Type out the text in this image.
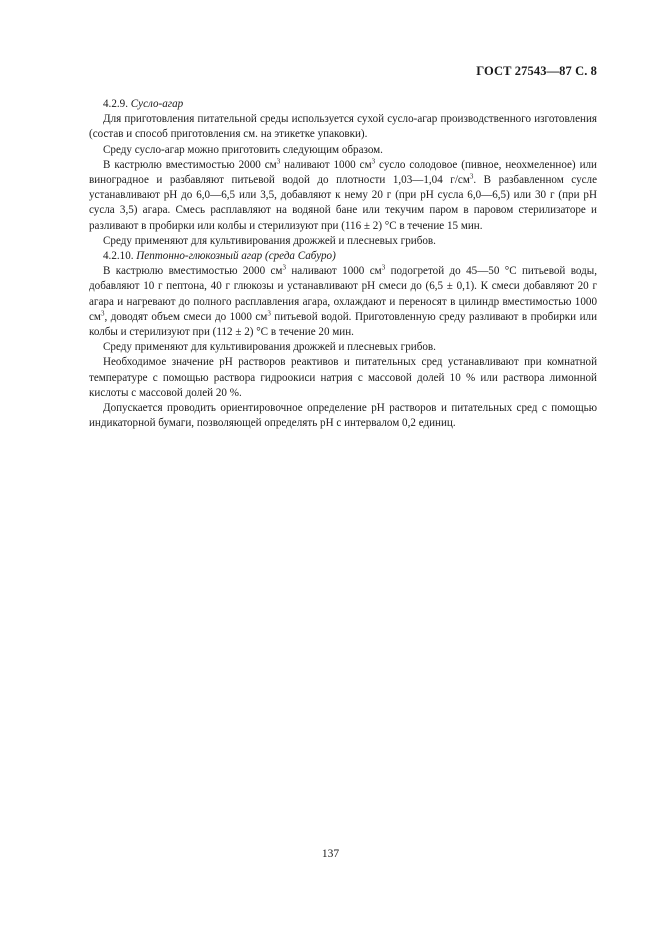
ГОСТ 27543—87 С. 8

4.2.9. Сусло-агар

Для приготовления питательной среды используется сухой сусло-агар производственного изготовления (состав и способ приготовления см. на этикетке упаковки).

Среду сусло-агар можно приготовить следующим образом.

В кастрюлю вместимостью 2000 $см^3$ наливают 1000 $см^3$ сусло солодовое (пивное, неохмеленное) или виноградное и разбавляют питьевой водой до плотности 1,03—1,04 $г/см^3$. В разбавленном сусле устанавливают pH до 6,0—6,5 или 3,5, добавляют к нему 20 г (при pH сусла 6,0—6,5) или 30 г (при pH сусла 3,5) агара. Смесь расплавляют на водяной бане или текучим паром в паровом стерилизаторе и разливают в пробирки или колбы и стерилизуют при (116 ± 2) °С в течение 15 мин.

Среду применяют для культивирования дрожжей и плесневых грибов.

4.2.10. Пептонно-глюкозный агар (среда Сабуро)

В кастрюлю вместимостью 2000 $см^3$ наливают 1000 $см^3$ подогретой до 45—50 °С питьевой воды, добавляют 10 г пептона, 40 г глюкозы и устанавливают pH смеси до (6,5 ± 0,1). К смеси добавляют 20 г агара и нагревают до полного расплавления агара, охлаждают и переносят в цилиндр вместимостью 1000 $см^3$, доводят объем смеси до 1000 $см^3$ питьевой водой. Приготовленную среду разливают в пробирки или колбы и стерилизуют при (112 ± 2) °С в течение 20 мин.

Среду применяют для культивирования дрожжей и плесневых грибов.

Необходимое значение pH растворов реактивов и питательных сред устанавливают при комнатной температуре с помощью раствора гидроокиси натрия с массовой долей 10 % или раствора лимонной кислоты с массовой долей 20 %.

Допускается проводить ориентировочное определение pH растворов и питательных сред с помощью индикаторной бумаги, позволяющей определять pH с интервалом 0,2 единиц.

137
